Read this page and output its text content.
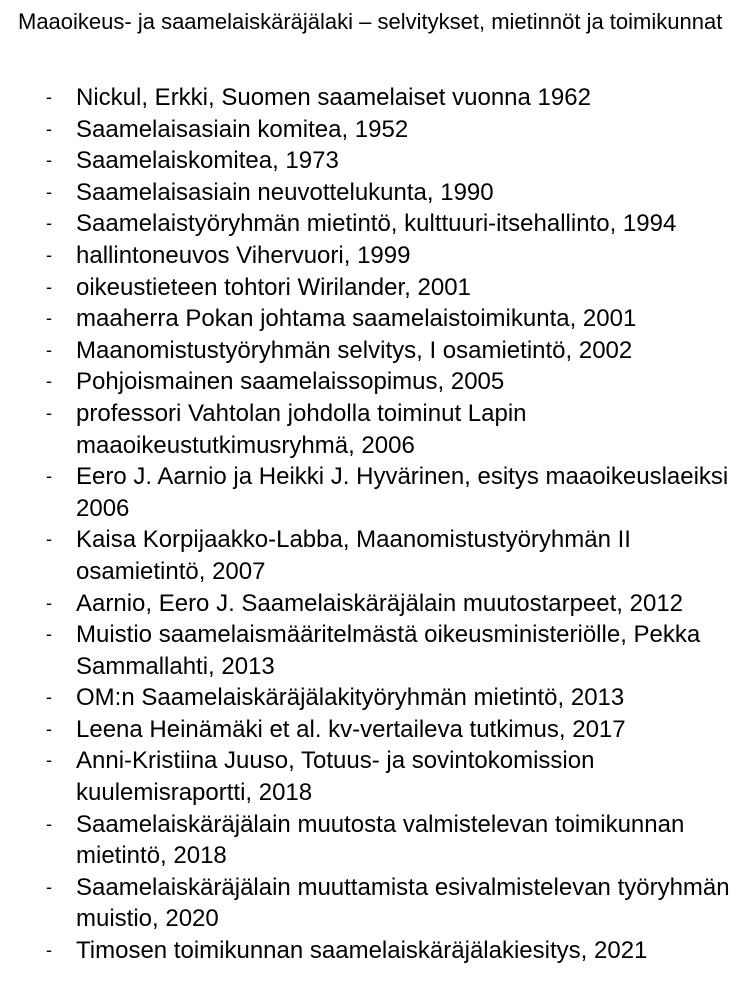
Maaoikeus- ja saamelaiskäräjälaki – selvitykset, mietinnöt ja toimikunnat
- Nickul, Erkki, Suomen saamelaiset vuonna 1962
- Saamelaisasiain komitea, 1952
- Saamelaiskomitea, 1973
- Saamelaisasiain neuvottelukunta, 1990
- Saamelaistyöryhmän mietintö, kulttuuri-itsehallinto, 1994
- hallintoneuvos Vihervuori, 1999
- oikeustieteen tohtori Wirilander, 2001
- maaherra Pokan johtama saamelaistoimikunta, 2001
- Maanomistustyöryhmän selvitys, I osamietintö, 2002
- Pohjoismainen saamelaissopimus, 2005
- professori Vahtolan johdolla toiminut Lapin maaoikeustutkimusryhmä, 2006
- Eero J. Aarnio ja Heikki J. Hyvärinen, esitys maaoikeuslaeiksi 2006
- Kaisa Korpijaakko-Labba, Maanomistustyöryhmän II osamietintö, 2007
- Aarnio, Eero J. Saamelaiskäräjälain muutostarpeet, 2012
- Muistio saamelaismääritelmästä oikeusministeriölle, Pekka Sammallahti, 2013
- OM:n Saamelaiskäräjälakityöryhmän mietintö, 2013
- Leena Heinämäki et al. kv-vertaileva tutkimus, 2017
- Anni-Kristiina Juuso, Totuus- ja sovintokomission kuulemisraportti, 2018
- Saamelaiskäräjälain muutosta valmistelevan toimikunnan mietintö, 2018
- Saamelaiskäräjälain muuttamista esivalmistelevan työryhmän muistio, 2020
- Timosen toimikunnan saamelaiskäräjälakiesitys, 2021
